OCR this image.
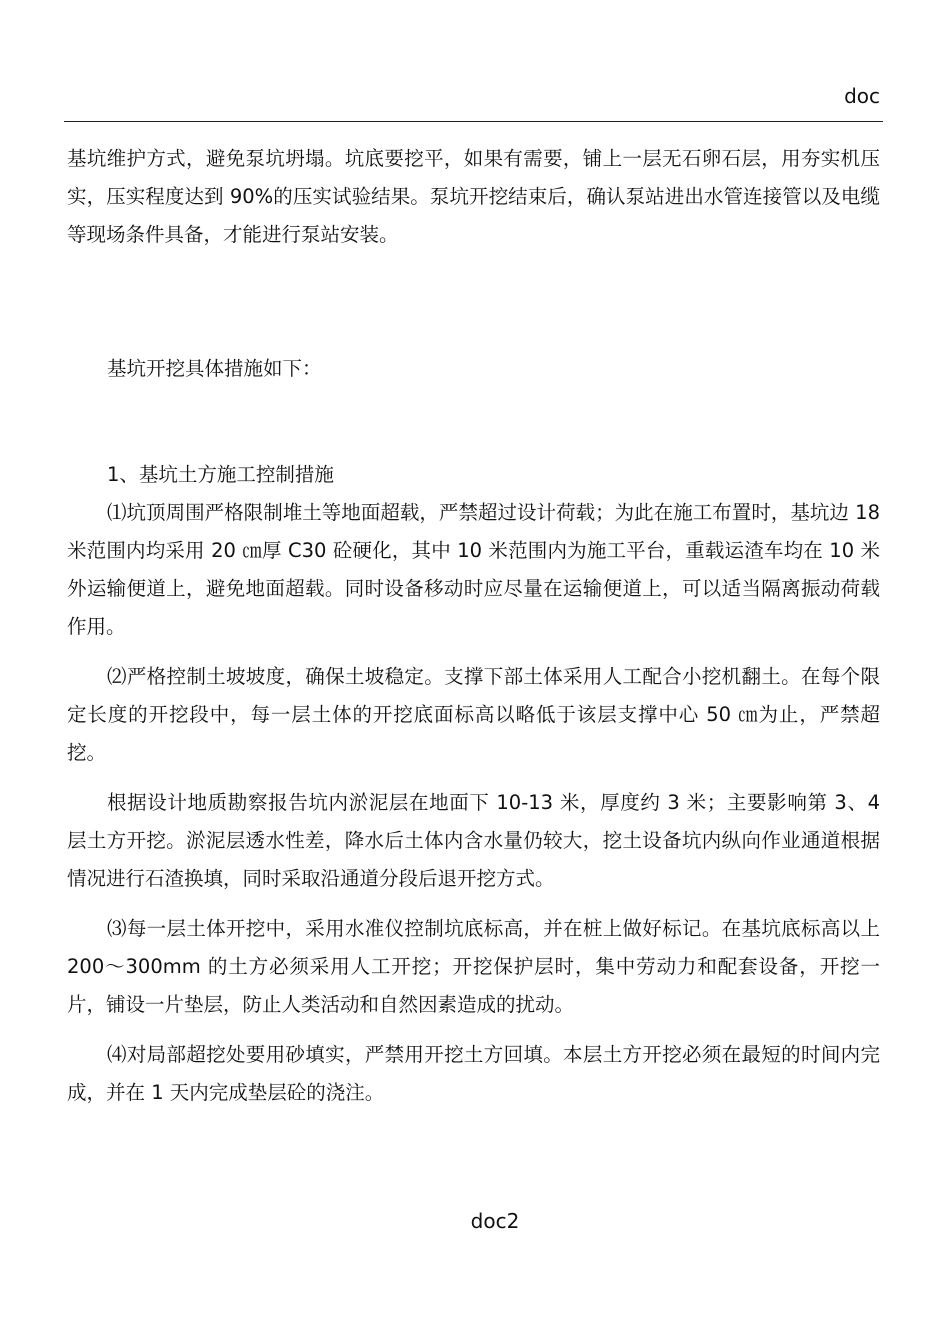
doc

基坑维护方式，避免泵坑坍塌。坑底要挖平，如果有需要，铺上一层无石卵石层，用夯实机压实，压实程度达到 90%的压实试验结果。泵坑开挖结束后，确认泵站进出水管连接管以及电缆等现场条件具备，才能进行泵站安装。

基坑开挖具体措施如下：

1、基坑土方施工控制措施

⑴坑顶周围严格限制堆土等地面超载，严禁超过设计荷载；为此在施工布置时，基坑边 18 米范围内均采用 20 ㎝厚 C30 砼硬化，其中 10 米范围内为施工平台，重载运渣车均在 10 米外运输便道上，避免地面超载。同时设备移动时应尽量在运输便道上，可以适当隔离振动荷载作用。

⑵严格控制土坡坡度，确保土坡稳定。支撑下部土体采用人工配合小挖机翻土。在每个限定长度的开挖段中，每一层土体的开挖底面标高以略低于该层支撑中心 50 ㎝为止，严禁超挖。

根据设计地质勘察报告坑内淤泥层在地面下 10-13 米，厚度约 3 米；主要影响第 3、4 层土方开挖。淤泥层透水性差，降水后土体内含水量仍较大，挖土设备坑内纵向作业通道根据情况进行石渣换填，同时采取沿通道分段后退开挖方式。

⑶每一层土体开挖中，采用水准仪控制坑底标高，并在桩上做好标记。在基坑底标高以上 200～300mm 的土方必须采用人工开挖；开挖保护层时，集中劳动力和配套设备，开挖一片，铺设一片垫层，防止人类活动和自然因素造成的扰动。

⑷对局部超挖处要用砂填实，严禁用开挖土方回填。本层土方开挖必须在最短的时间内完成，并在 1 天内完成垫层砼的浇注。

doc2
